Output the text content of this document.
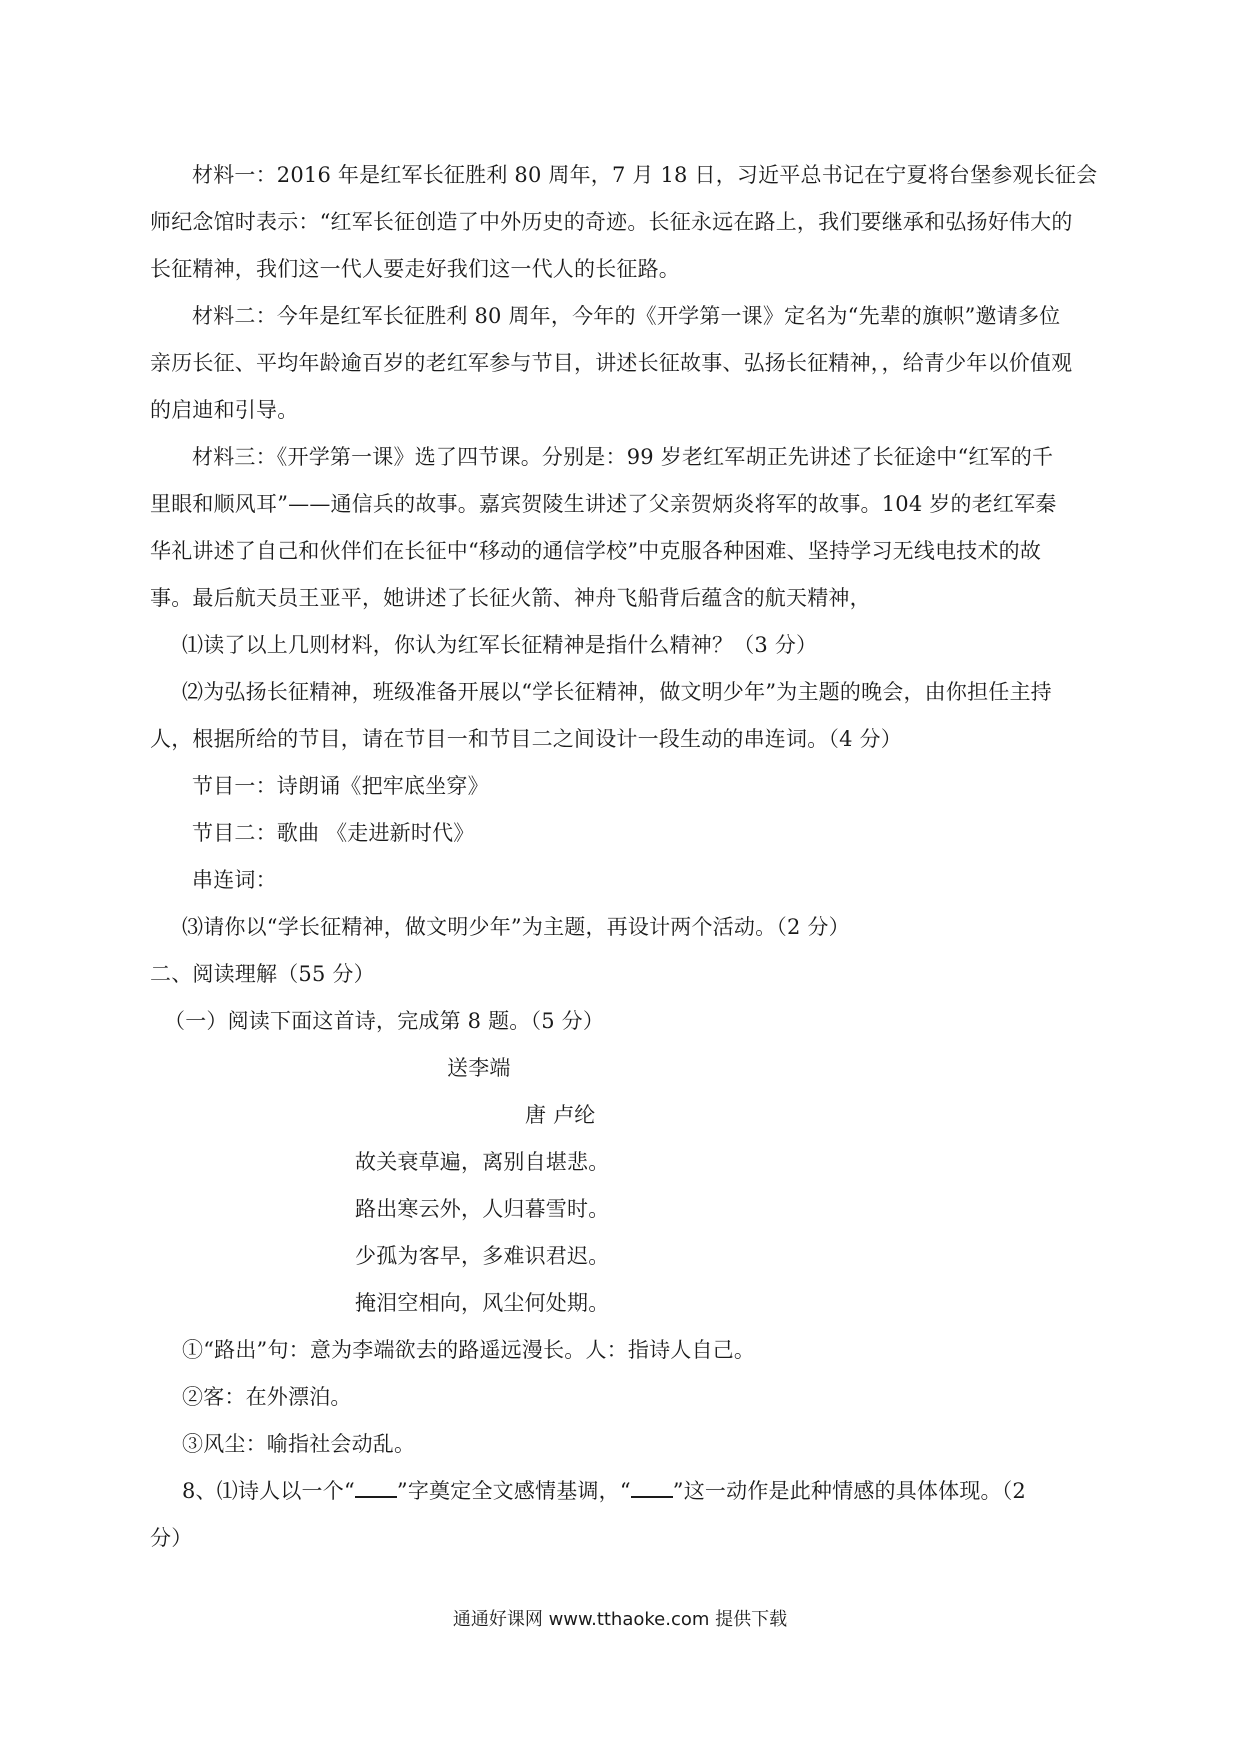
材料一：2016 年是红军长征胜利 80 周年，7 月 18 日，习近平总书记在宁夏将台堡参观长征会
师纪念馆时表示：“红军长征创造了中外历史的奇迹。长征永远在路上，我们要继承和弘扬好伟大的
长征精神，我们这一代人要走好我们这一代人的长征路。
材料二：今年是红军长征胜利 80 周年，今年的《开学第一课》定名为“先辈的旗帜”邀请多位
亲历长征、平均年龄逾百岁的老红军参与节目，讲述长征故事、弘扬长征精神，，给青少年以价值观
的启迪和引导。
材料三：《开学第一课》选了四节课。分别是：99 岁老红军胡正先讲述了长征途中“红军的千
里眼和顺风耳”——通信兵的故事。嘉宾贺陵生讲述了父亲贺炳炎将军的故事。104 岁的老红军秦
华礼讲述了自己和伙伴们在长征中“移动的通信学校”中克服各种困难、坚持学习无线电技术的故
事。最后航天员王亚平，她讲述了长征火箭、神舟飞船背后蕴含的航天精神，
⑴读了以上几则材料，你认为红军长征精神是指什么精神？（3 分）
⑵为弘扬长征精神，班级准备开展以“学长征精神，做文明少年”为主题的晚会，由你担任主持
人，根据所给的节目，请在节目一和节目二之间设计一段生动的串连词。（4 分）
节目一：诗朗诵《把牢底坐穿》
节目二：歌曲 《走进新时代》
串连词：
⑶请你以“学长征精神，做文明少年”为主题，再设计两个活动。（2 分）
二、阅读理解（55 分）
（一）阅读下面这首诗，完成第 8 题。（5 分）
送李端
唐 卢纶
故关衰草遍，离别自堪悲。
路出寒云外，人归暮雪时。
少孤为客早，多难识君迟。
掩泪空相向，风尘何处期。
①“路出”句：意为李端欲去的路遥远漫长。人：指诗人自己。
②客：在外漂泊。
③风尘：喻指社会动乱。
8、⑴诗人以一个“ ”字奠定全文感情基调，“ ”这一动作是此种情感的具体体现。（2
分）
通通好课网 www.tthaoke.com 提供下载
